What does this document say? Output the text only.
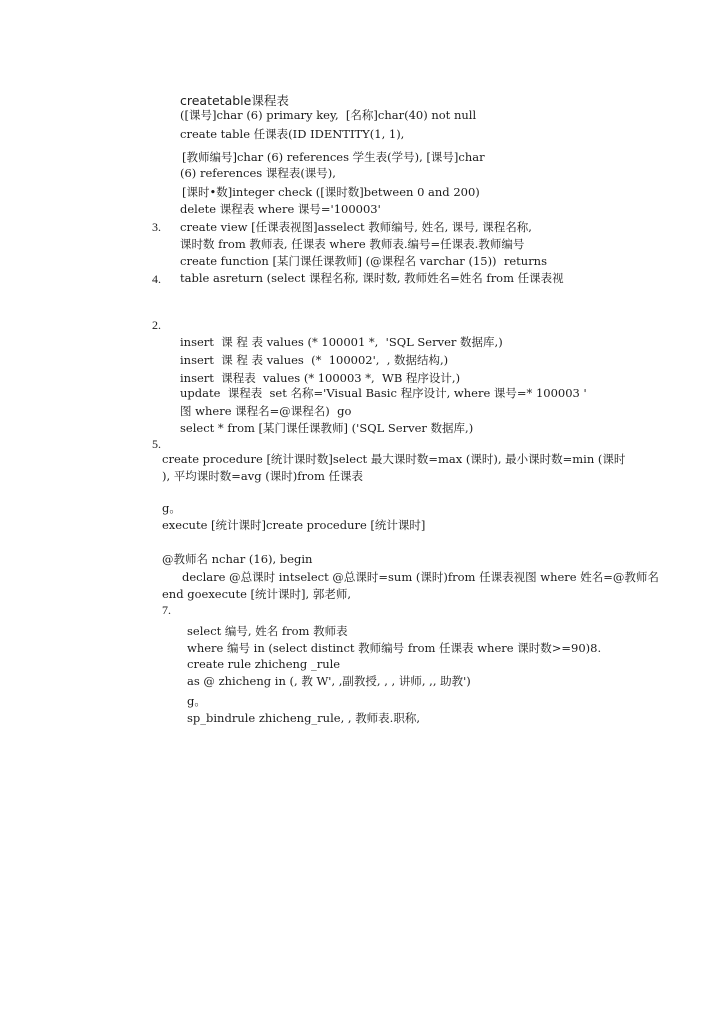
createtable课程表
([课号]char (6) primary key,  [名称]char(40) not null
create table 任课表(ID IDENTITY(1, 1),
[教师编号]char (6) references 学生表(学号), [课号]char
(6) references 课程表(课号),
[课时•数]integer check ([课时数]between 0 and 200)
delete 课程表 where 课号='100003'
3. create view [任课表视图]asselect 教师编号, 姓名, 课号, 课程名称,
课时数 from 教师表, 任课表 where 教师表.编号=任课表.教师编号
create function [某门课任课教师] (@课程名 varchar (15))  returns
4. table asreturn (select 课程名称, 课时数, 教师姓名=姓名 from 任课表视
2.
insert  课 程 表 values (* 100001 *,  'SQL Server 数据库,)
insert  课 程 表 values  (*  100002',  , 数据结构,)
insert  课程表  values (* 100003 *,  WB 程序设计,)
update  课程表  set 名称='Visual Basic 程序设计, where 课号=* 100003 '
图 where 课程名=@课程名)  go
select * from [某门课任课教师] ('SQL Server 数据库,)
5.
create procedure [统计课时数]select 最大课时数=max (课时), 最小课时数=min (课时
), 平均课时数=avg (课时)from 任课表
g。
execute [统计课时]create procedure [统计课时]
@教师名 nchar (16), begin
declare @总课时 intselect @总课时=sum (课时)from 任课表视图 where 姓名=@教师名
end goexecute [统计课时], 郭老师,
7.
select 编号, 姓名 from 教师表
where 编号 in (select distinct 教师编号 from 任课表 where 课时数>=90)8.
create rule zhicheng _rule
as @ zhicheng in (, 教 W', ,副教授, , , 讲师, ,, 助教')
g。
sp_bindrule zhicheng_rule, , 教师表.职称,
